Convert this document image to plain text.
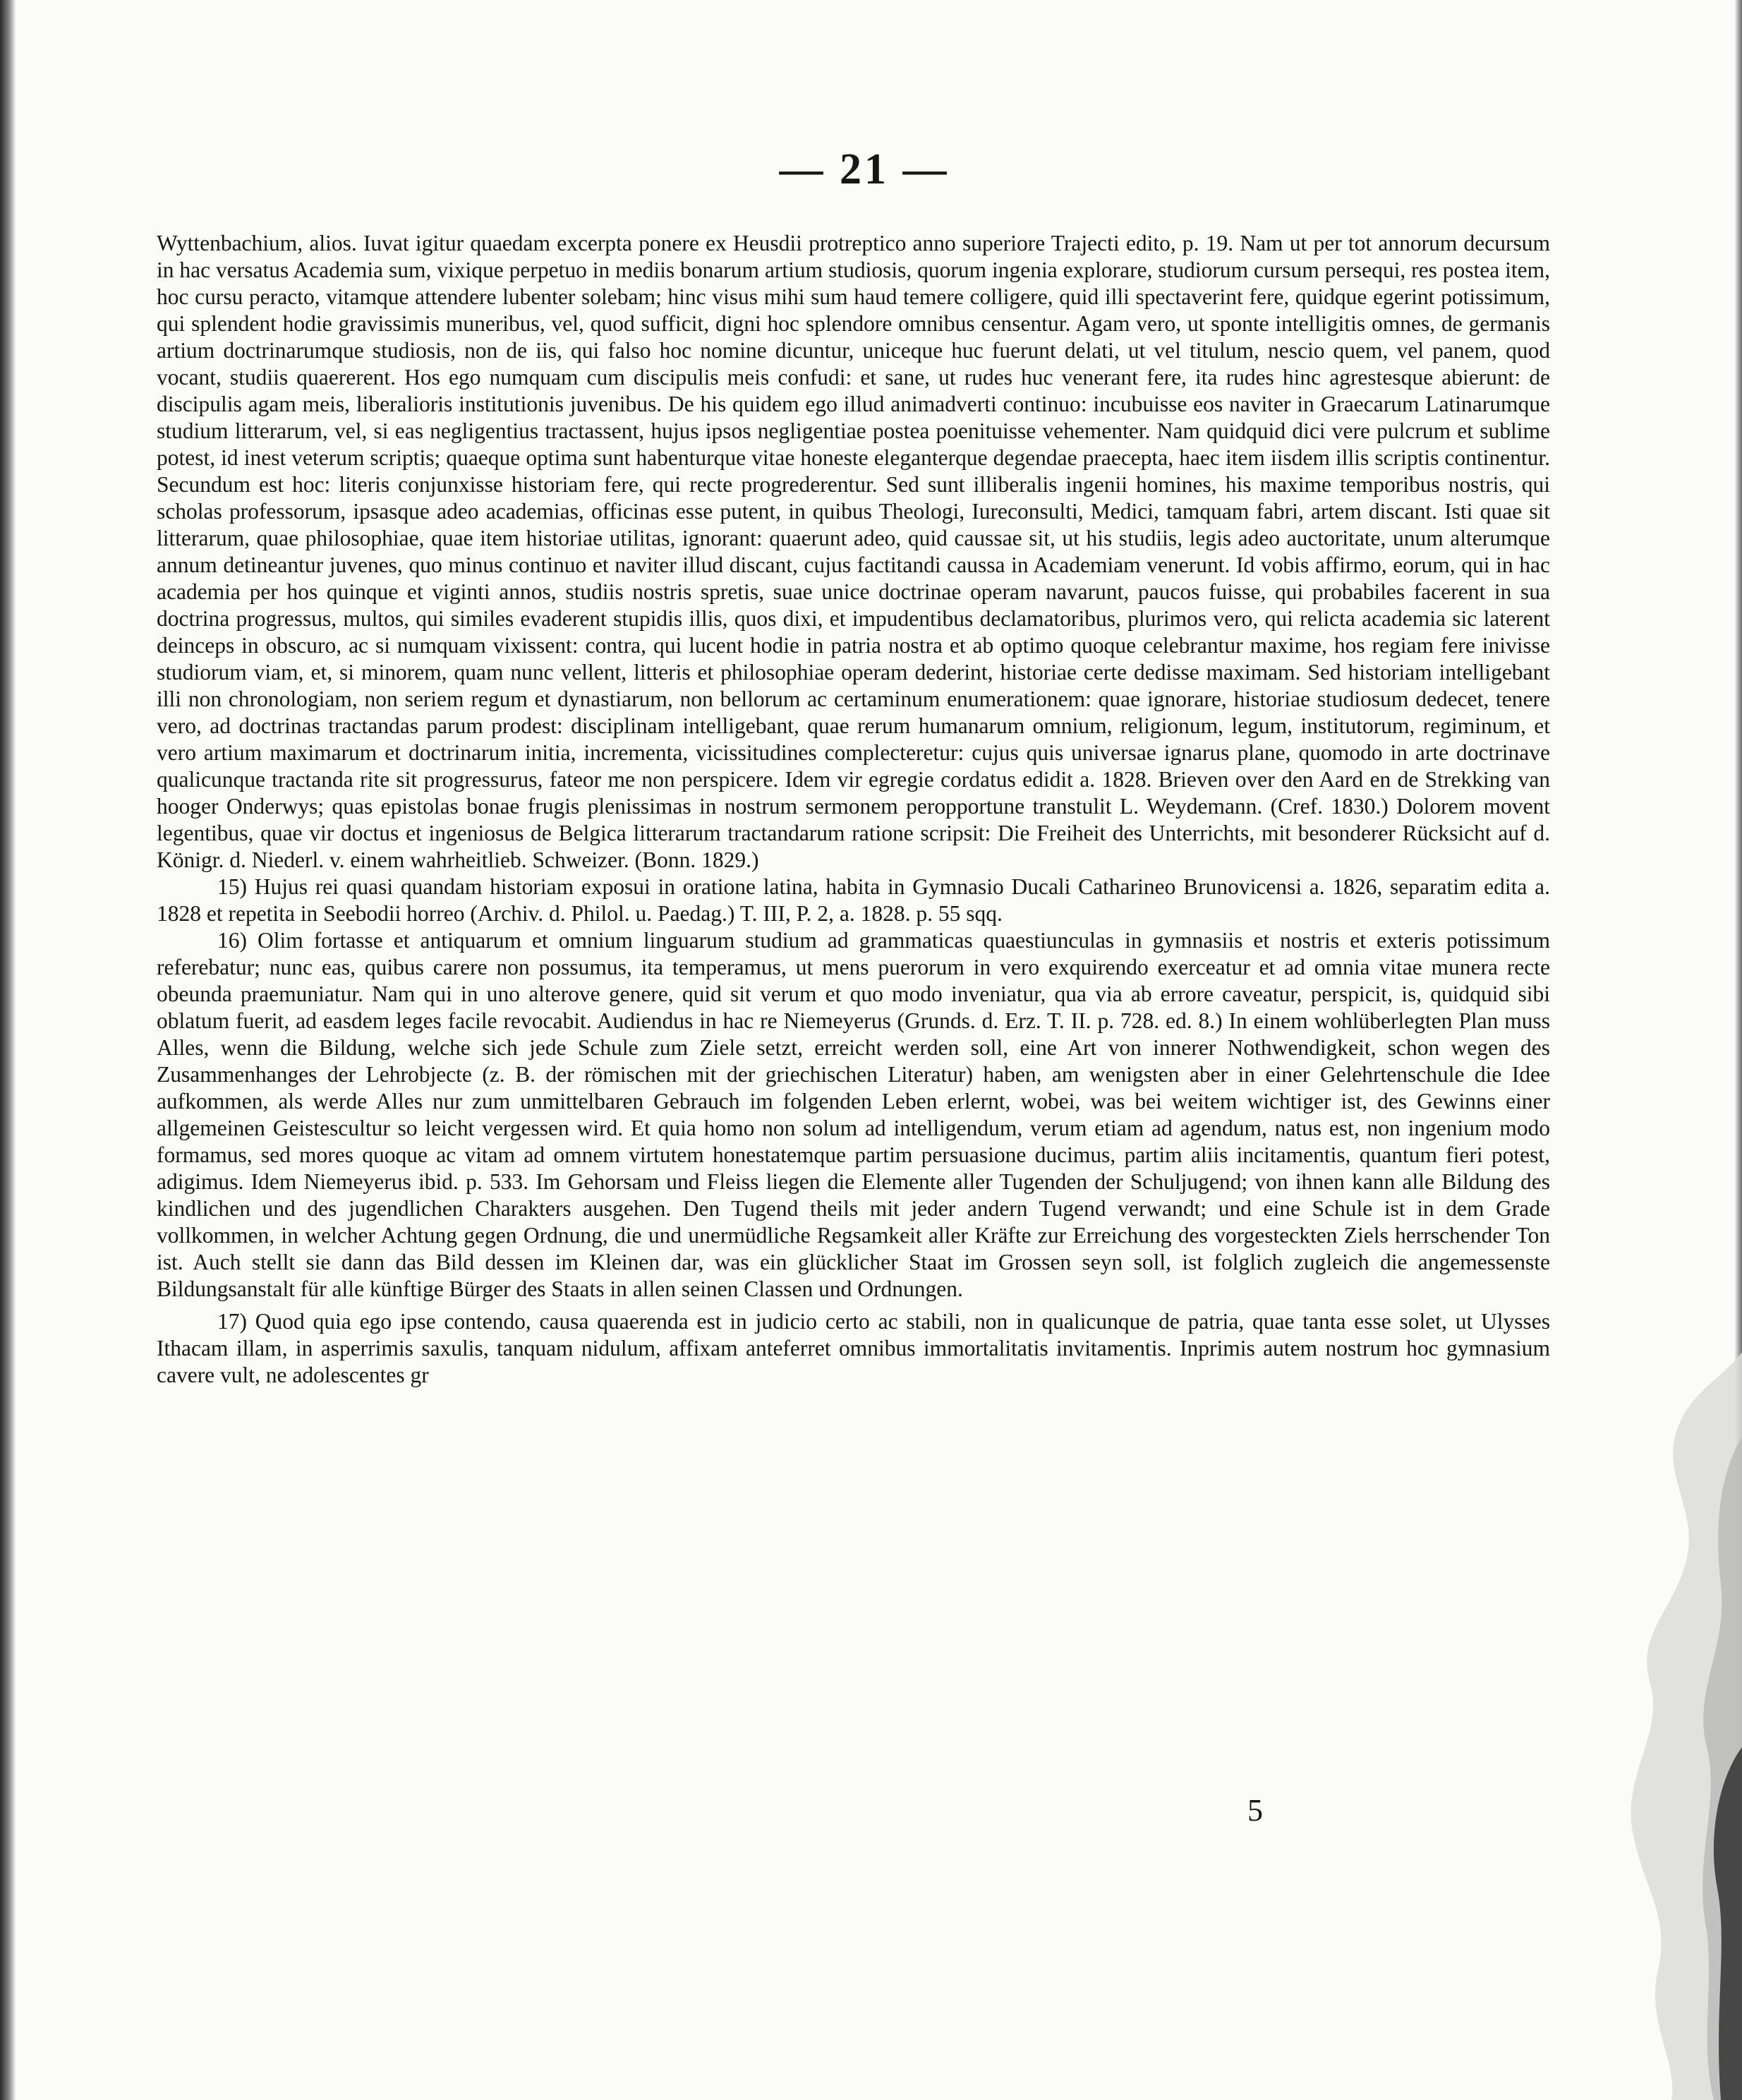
— 21 —

Wyttenbachium, alios. Iuvat igitur quaedam excerpta ponere ex Heusdii protreptico anno superiore Trajecti edito, p. 19. Nam ut per tot annorum decursum in hac versatus Academia sum, vixique perpetuo in mediis bonarum artium studiosis, quorum ingenia explorare, studiorum cursum persequi, res postea item, hoc cursu peracto, vitamque attendere lubenter solebam; hinc visus mihi sum haud temere colligere, quid illi spectaverint fere, quidque egerint potissimum, qui splendent hodie gravissimis muneribus, vel, quod sufficit, digni hoc splendore omnibus censentur. Agam vero, ut sponte intelligitis omnes, de germanis artium doctrinarumque studiosis, non de iis, qui falso hoc nomine dicuntur, uniceque huc fuerunt delati, ut vel titulum, nescio quem, vel panem, quod vocant, studiis quaererent. Hos ego numquam cum discipulis meis confudi: et sane, ut rudes huc venerant fere, ita rudes hinc agrestesque abierunt: de discipulis agam meis, liberalioris institutionis juvenibus. De his quidem ego illud animadverti continuo: incubuisse eos naviter in Graecarum Latinarumque studium litterarum, vel, si eas negligentius tractassent, hujus ipsos negligentiae postea poenituisse vehementer. Nam quidquid dici vere pulcrum et sublime potest, id inest veterum scriptis; quaeque optima sunt habenturque vitae honeste eleganterque degendae praecepta, haec item iisdem illis scriptis continentur. Secundum est hoc: literis conjunxisse historiam fere, qui recte progrederentur. Sed sunt illiberalis ingenii homines, his maxime temporibus nostris, qui scholas professorum, ipsasque adeo academias, officinas esse putent, in quibus Theologi, Iureconsulti, Medici, tamquam fabri, artem discant. Isti quae sit litterarum, quae philosophiae, quae item historiae utilitas, ignorant: quaerunt adeo, quid caussae sit, ut his studiis, legis adeo auctoritate, unum alterumque annum detineantur juvenes, quo minus continuo et naviter illud discant, cujus factitandi caussa in Academiam venerunt. Id vobis affirmo, eorum, qui in hac academia per hos quinque et viginti annos, studiis nostris spretis, suae unice doctrinae operam navarunt, paucos fuisse, qui probabiles facerent in sua doctrina progressus, multos, qui similes evaderent stupidis illis, quos dixi, et impudentibus declamatoribus, plurimos vero, qui relicta academia sic laterent deinceps in obscuro, ac si numquam vixissent: contra, qui lucent hodie in patria nostra et ab optimo quoque celebrantur maxime, hos regiam fere inivisse studiorum viam, et, si minorem, quam nunc vellent, litteris et philosophiae operam dederint, historiae certe dedisse maximam. Sed historiam intelligebant illi non chronologiam, non seriem regum et dynastiarum, non bellorum ac certaminum enumerationem: quae ignorare, historiae studiosum dedecet, tenere vero, ad doctrinas tractandas parum prodest: disciplinam intelligebant, quae rerum humanarum omnium, religionum, legum, institutorum, regiminum, et vero artium maximarum et doctrinarum initia, incrementa, vicissitudines complecteretur: cujus quis universae ignarus plane, quomodo in arte doctrinave qualicunque tractanda rite sit progressurus, fateor me non perspicere. Idem vir egregie cordatus edidit a. 1828. Brieven over den Aard en de Strekking van hooger Onderwys; quas epistolas bonae frugis plenissimas in nostrum sermonem peropportune transtulit L. Weydemann. (Cref. 1830.) Dolorem movent legentibus, quae vir doctus et ingeniosus de Belgica litterarum tractandarum ratione scripsit: Die Freiheit des Unterrichts, mit besonderer Rücksicht auf d. Königr. d. Niederl. v. einem wahrheitlieb. Schweizer. (Bonn. 1829.)

15) Hujus rei quasi quandam historiam exposui in oratione latina, habita in Gymnasio Ducali Catharineo Brunovicensi a. 1826, separatim edita a. 1828 et repetita in Seebodii horreo (Archiv. d. Philol. u. Paedag.) T. III, P. 2, a. 1828. p. 55 sqq.

16) Olim fortasse et antiquarum et omnium linguarum studium ad grammaticas quaestiunculas in gymnasiis et nostris et exteris potissimum referebatur; nunc eas, quibus carere non possumus, ita temperamus, ut mens puerorum in vero exquirendo exerceatur et ad omnia vitae munera recte obeunda praemuniatur. Nam qui in uno alterove genere, quid sit verum et quo modo inveniatur, qua via ab errore caveatur, perspicit, is, quidquid sibi oblatum fuerit, ad easdem leges facile revocabit. Audiendus in hac re Niemeyerus (Grunds. d. Erz. T. II. p. 728. ed. 8.) In einem wohlüberlegten Plan muss Alles, wenn die Bildung, welche sich jede Schule zum Ziele setzt, erreicht werden soll, eine Art von innerer Nothwendigkeit, schon wegen des Zusammenhanges der Lehrobjecte (z. B. der römischen mit der griechischen Literatur) haben, am wenigsten aber in einer Gelehrtenschule die Idee aufkommen, als werde Alles nur zum unmittelbaren Gebrauch im folgenden Leben erlernt, wobei, was bei weitem wichtiger ist, des Gewinns einer allgemeinen Geistescultur so leicht vergessen wird. Et quia homo non solum ad intelligendum, verum etiam ad agendum, natus est, non ingenium modo formamus, sed mores quoque ac vitam ad omnem virtutem honestatemque partim persuasione ducimus, partim aliis incitamentis, quantum fieri potest, adigimus. Idem Niemeyerus ibid. p. 533. Im Gehorsam und Fleiss liegen die Elemente aller Tugenden der Schuljugend; von ihnen kann alle Bildung des kindlichen und des jugendlichen Charakters ausgehen. Den Tugend theils mit jeder andern Tugend verwandt; und eine Schule ist in dem Grade vollkommen, in welcher Achtung gegen Ordnung, die und unermüdliche Regsamkeit aller Kräfte zur Erreichung des vorgesteckten Ziels herrschender Ton ist. Auch stellt sie dann das Bild dessen im Kleinen dar, was ein glücklicher Staat im Grossen seyn soll, ist folglich zugleich die angemessenste Bildungsanstalt für alle künftige Bürger des Staats in allen seinen Classen und Ordnungen.

17) Quod quia ego ipse contendo, causa quaerenda est in judicio certo ac stabili, non in qualicunque de patria, quae tanta esse solet, ut Ulysses Ithacam illam, in asperrimis saxulis, tanquam nidulum, affixam anteferret omnibus immortalitatis invitamentis. Inprimis autem nostrum hoc gymnasium cavere vult, ne adolescentes gr

5
